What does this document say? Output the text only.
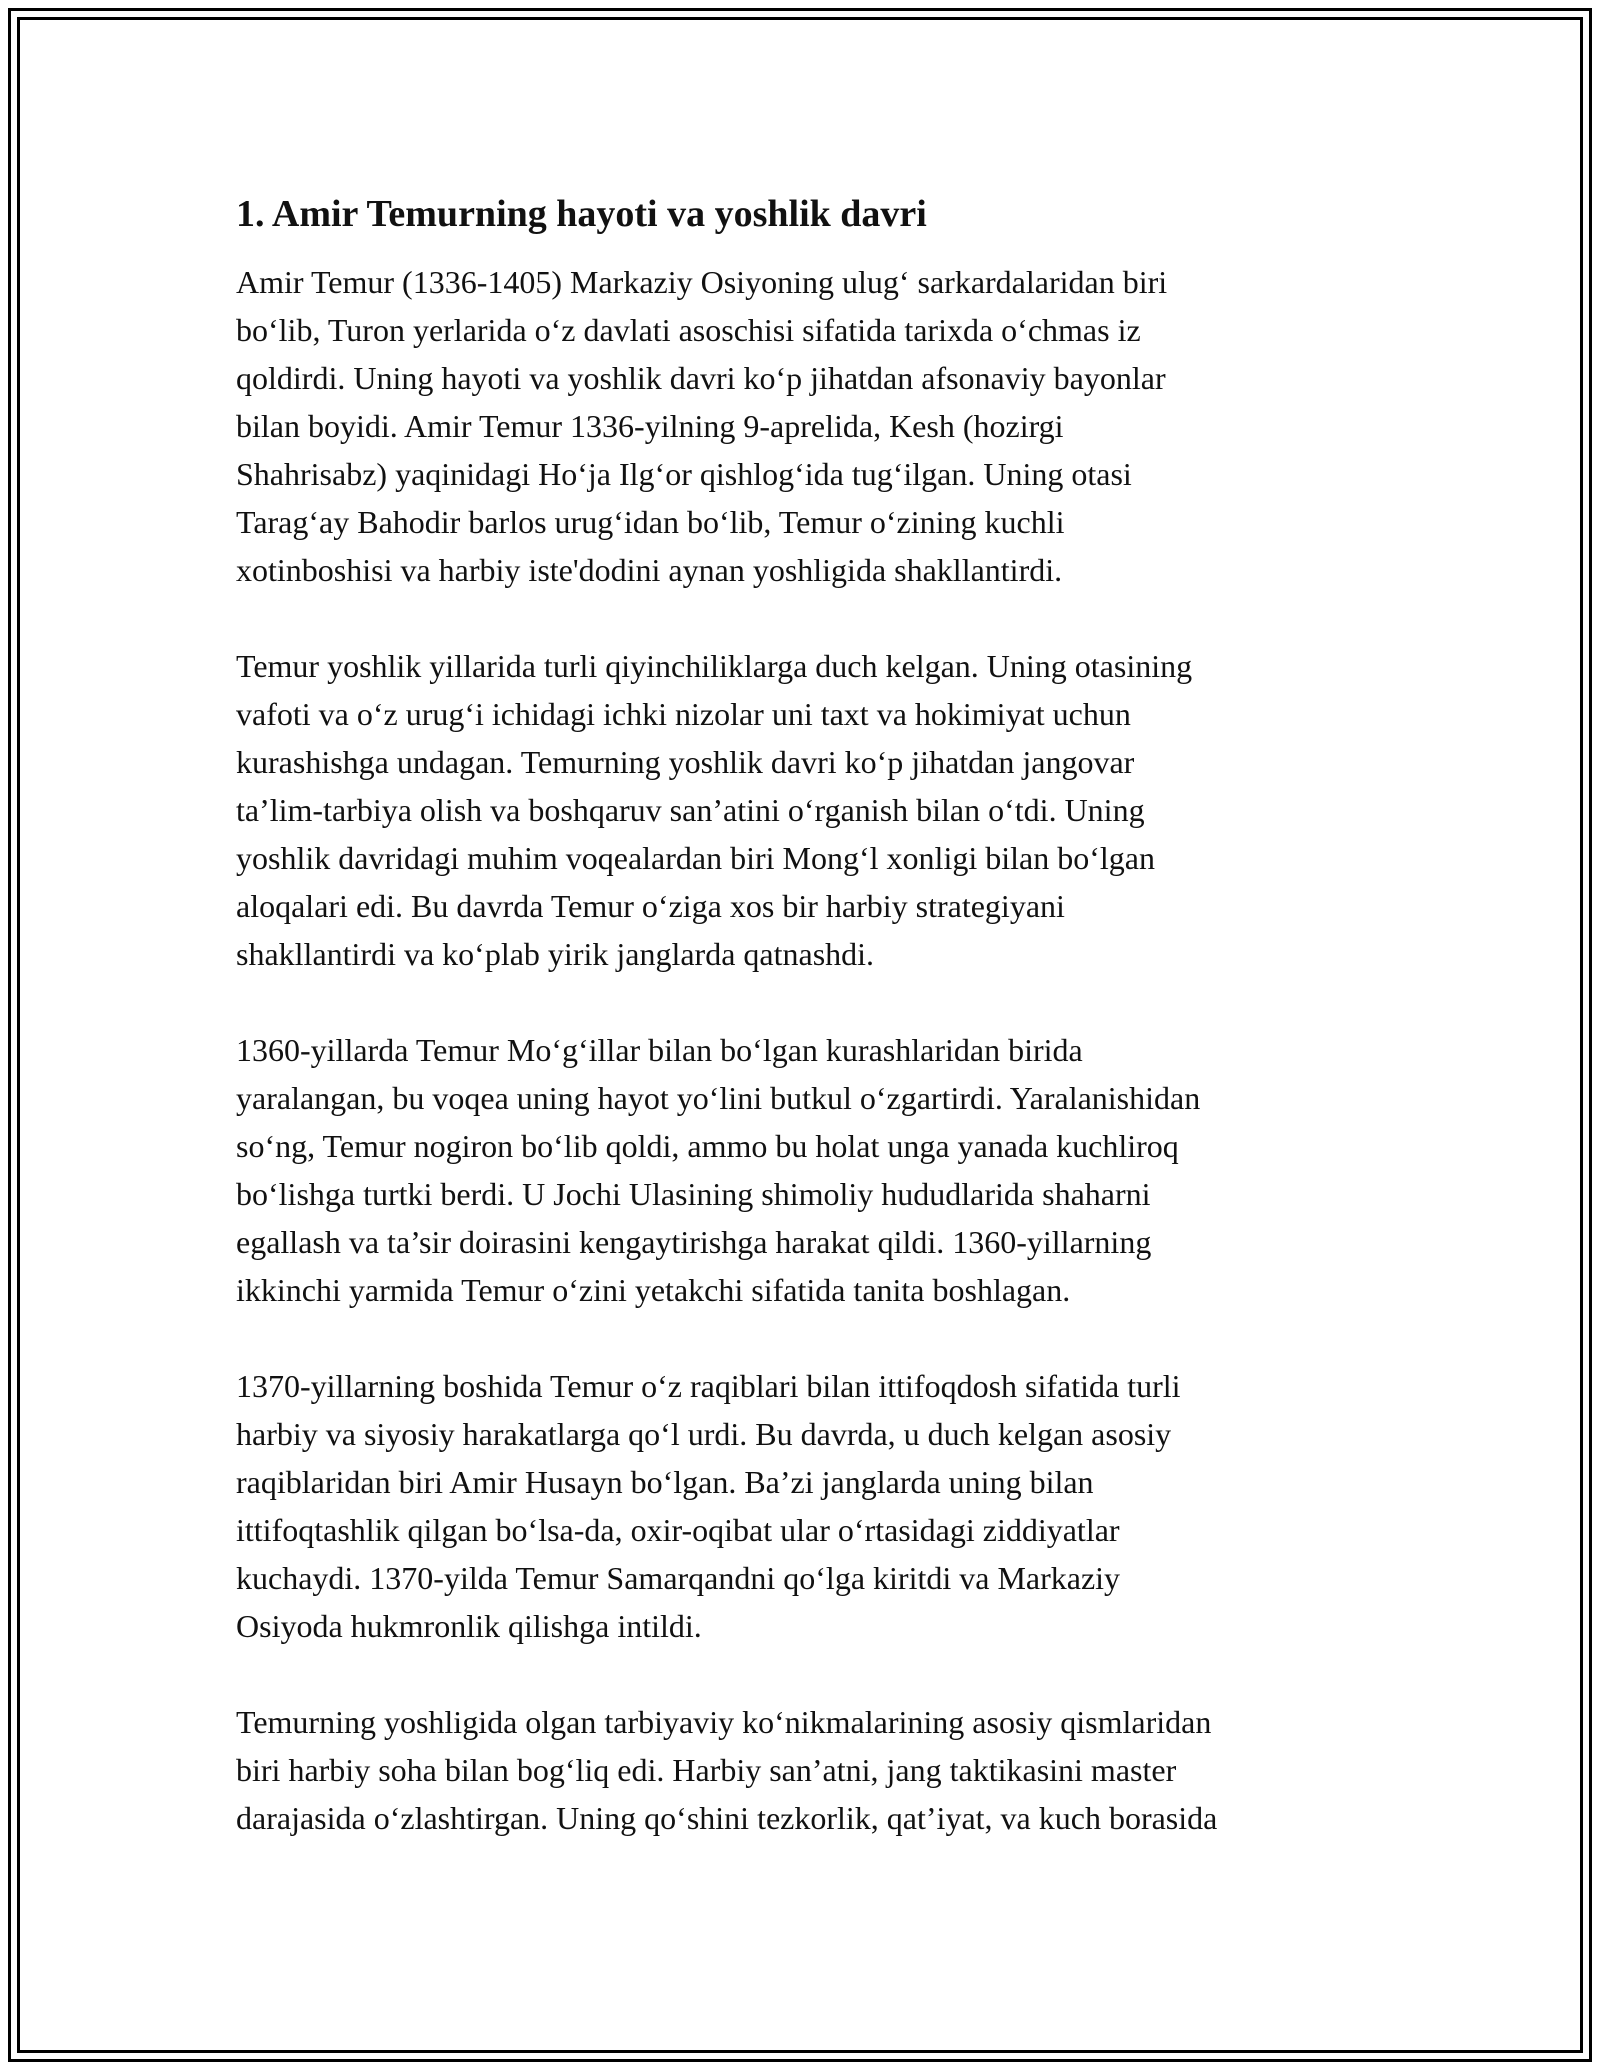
1. Amir Temurning hayoti va yoshlik davri

Amir Temur (1336-1405) Markaziy Osiyoning ulug‘ sarkardalaridan biri
bo‘lib, Turon yerlarida o‘z davlati asoschisi sifatida tarixda o‘chmas iz
qoldirdi. Uning hayoti va yoshlik davri ko‘p jihatdan afsonaviy bayonlar
bilan boyidi. Amir Temur 1336-yilning 9-aprelida, Kesh (hozirgi
Shahrisabz) yaqinidagi Ho‘ja Ilg‘or qishlog‘ida tug‘ilgan. Uning otasi
Tarag‘ay Bahodir barlos urug‘idan bo‘lib, Temur o‘zining kuchli
xotinboshisi va harbiy iste'dodini aynan yoshligida shakllantirdi.

Temur yoshlik yillarida turli qiyinchiliklarga duch kelgan. Uning otasining
vafoti va o‘z urug‘i ichidagi ichki nizolar uni taxt va hokimiyat uchun
kurashishga undagan. Temurning yoshlik davri ko‘p jihatdan jangovar
ta’lim-tarbiya olish va boshqaruv san’atini o‘rganish bilan o‘tdi. Uning
yoshlik davridagi muhim voqealardan biri Mong‘l xonligi bilan bo‘lgan
aloqalari edi. Bu davrda Temur o‘ziga xos bir harbiy strategiyani
shakllantirdi va ko‘plab yirik janglarda qatnashdi.

1360-yillarda Temur Mo‘g‘illar bilan bo‘lgan kurashlaridan birida
yaralangan, bu voqea uning hayot yo‘lini butkul o‘zgartirdi. Yaralanishidan
so‘ng, Temur nogiron bo‘lib qoldi, ammo bu holat unga yanada kuchliroq
bo‘lishga turtki berdi. U Jochi Ulasining shimoliy hududlarida shaharni
egallash va ta’sir doirasini kengaytirishga harakat qildi. 1360-yillarning
ikkinchi yarmida Temur o‘zini yetakchi sifatida tanita boshlagan.

1370-yillarning boshida Temur o‘z raqiblari bilan ittifoqdosh sifatida turli
harbiy va siyosiy harakatlarga qo‘l urdi. Bu davrda, u duch kelgan asosiy
raqiblaridan biri Amir Husayn bo‘lgan. Ba’zi janglarda uning bilan
ittifoqtashlik qilgan bo‘lsa-da, oxir-oqibat ular o‘rtasidagi ziddiyatlar
kuchaydi. 1370-yilda Temur Samarqandni qo‘lga kiritdi va Markaziy
Osiyoda hukmronlik qilishga intildi.

Temurning yoshligida olgan tarbiyaviy ko‘nikmalarining asosiy qismlaridan
biri harbiy soha bilan bog‘liq edi. Harbiy san’atni, jang taktikasini master
darajasida o‘zlashtirgan. Uning qo‘shini tezkorlik, qat’iyat, va kuch borasida
